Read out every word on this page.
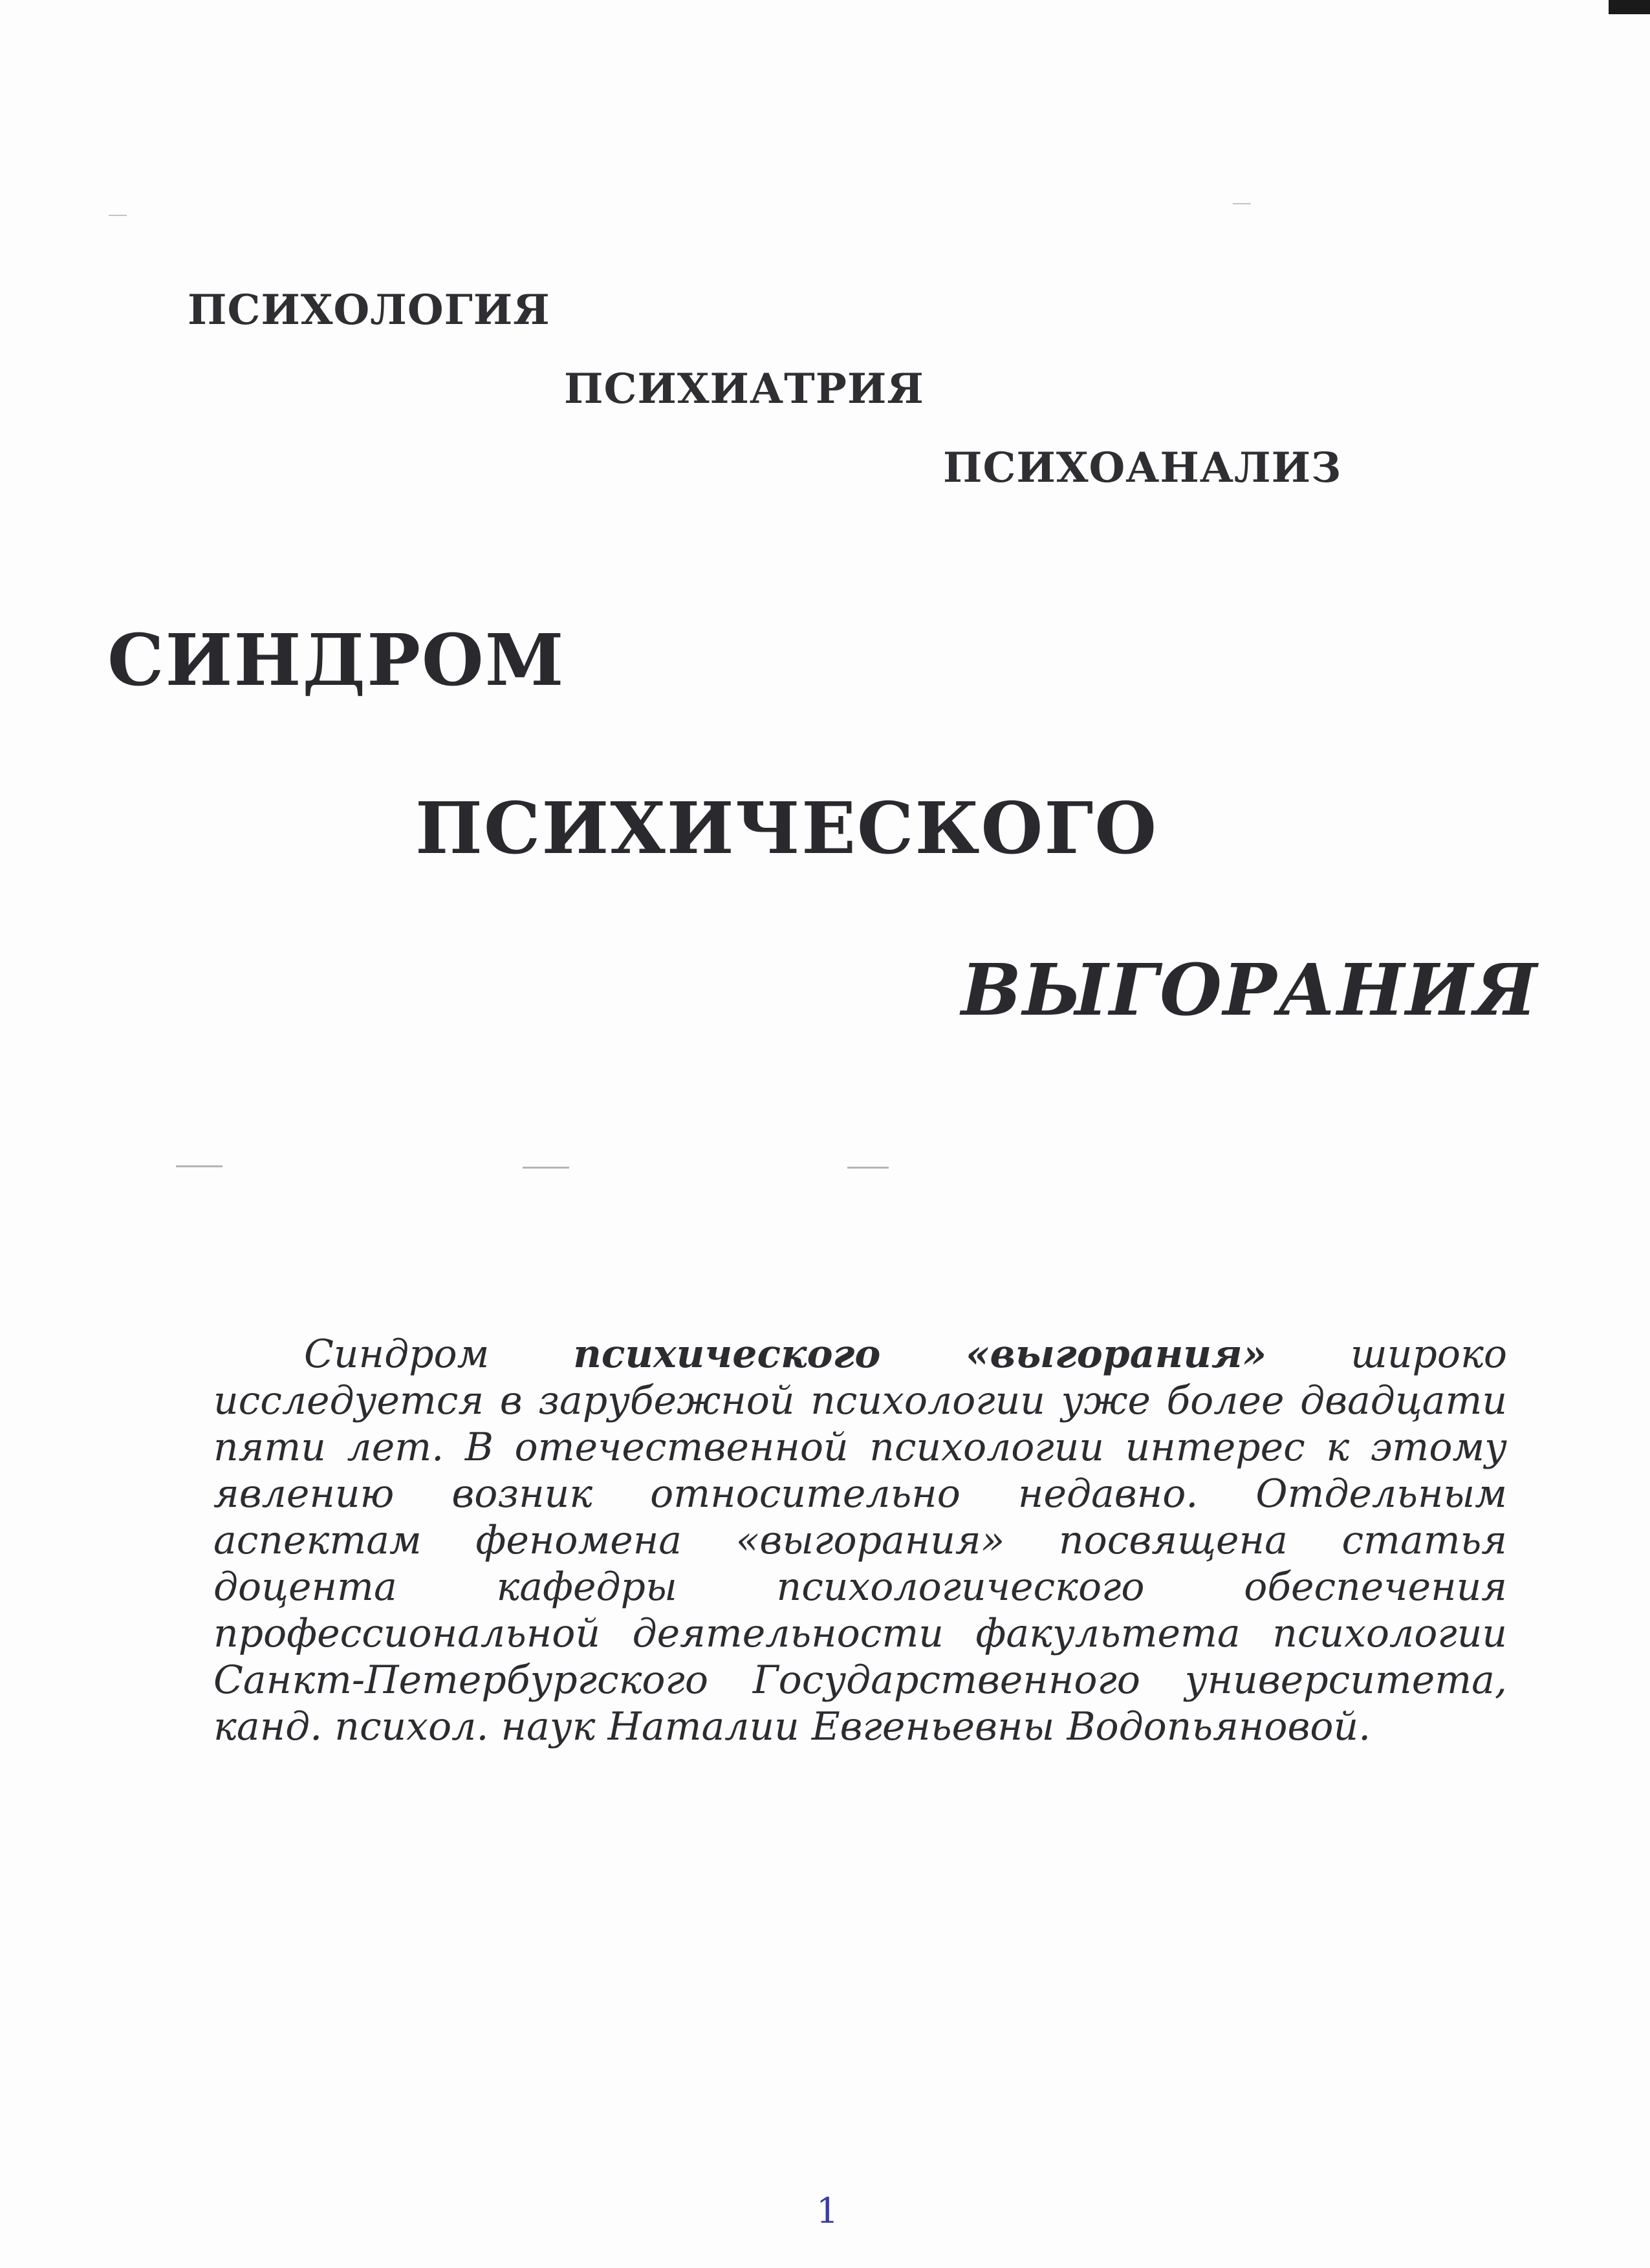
ПСИХОЛОГИЯ
ПСИХИАТРИЯ
ПСИХОАНАЛИЗ
СИНДРОМ
ПСИХИЧЕСКОГО
ВЫГОРАНИЯ
Синдром психического «выгорания» широко исследуется в зарубежной психологии уже более двадцати пяти лет. В отечественной психологии интерес к этому явлению возник относительно недавно. Отдельным аспектам феномена «выгорания» посвящена статья доцента кафедры психологического обеспечения профессиональной деятельности факультета психологии Санкт-Петербургского Государственного университета, канд. психол. наук Наталии Евгеньевны Водопьяновой.
1
